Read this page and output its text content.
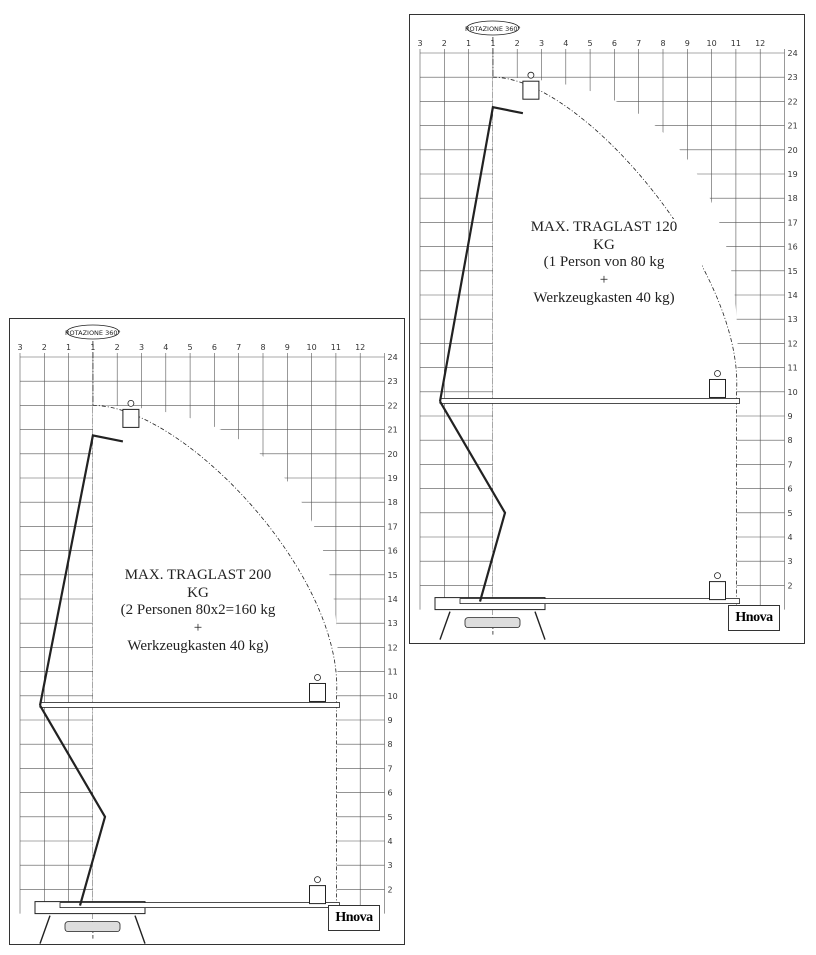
3 2 1 1 2 3 4 5 6 7 8 9 10 11 12
ROTAZIONE 360°
24
23
22
21
20
19
18
17
16
15
14
13
12
11
10
9
8
7
6
5
4
3
2
MAX. TRAGLAST 200
KG
(2 Personen 80x2=160 kg
+
Werkzeugkasten 40 kg)
Hnova
3 2 1 1 2 3 4 5 6 7 8 9 10 11 12
ROTAZIONE 360°
24
23
22
21
20
19
18
17
16
15
14
13
12
11
10
9
8
7
6
5
4
3
2
MAX. TRAGLAST 120
KG
(1 Person von 80 kg
+
Werkzeugkasten 40 kg)
Hnova
